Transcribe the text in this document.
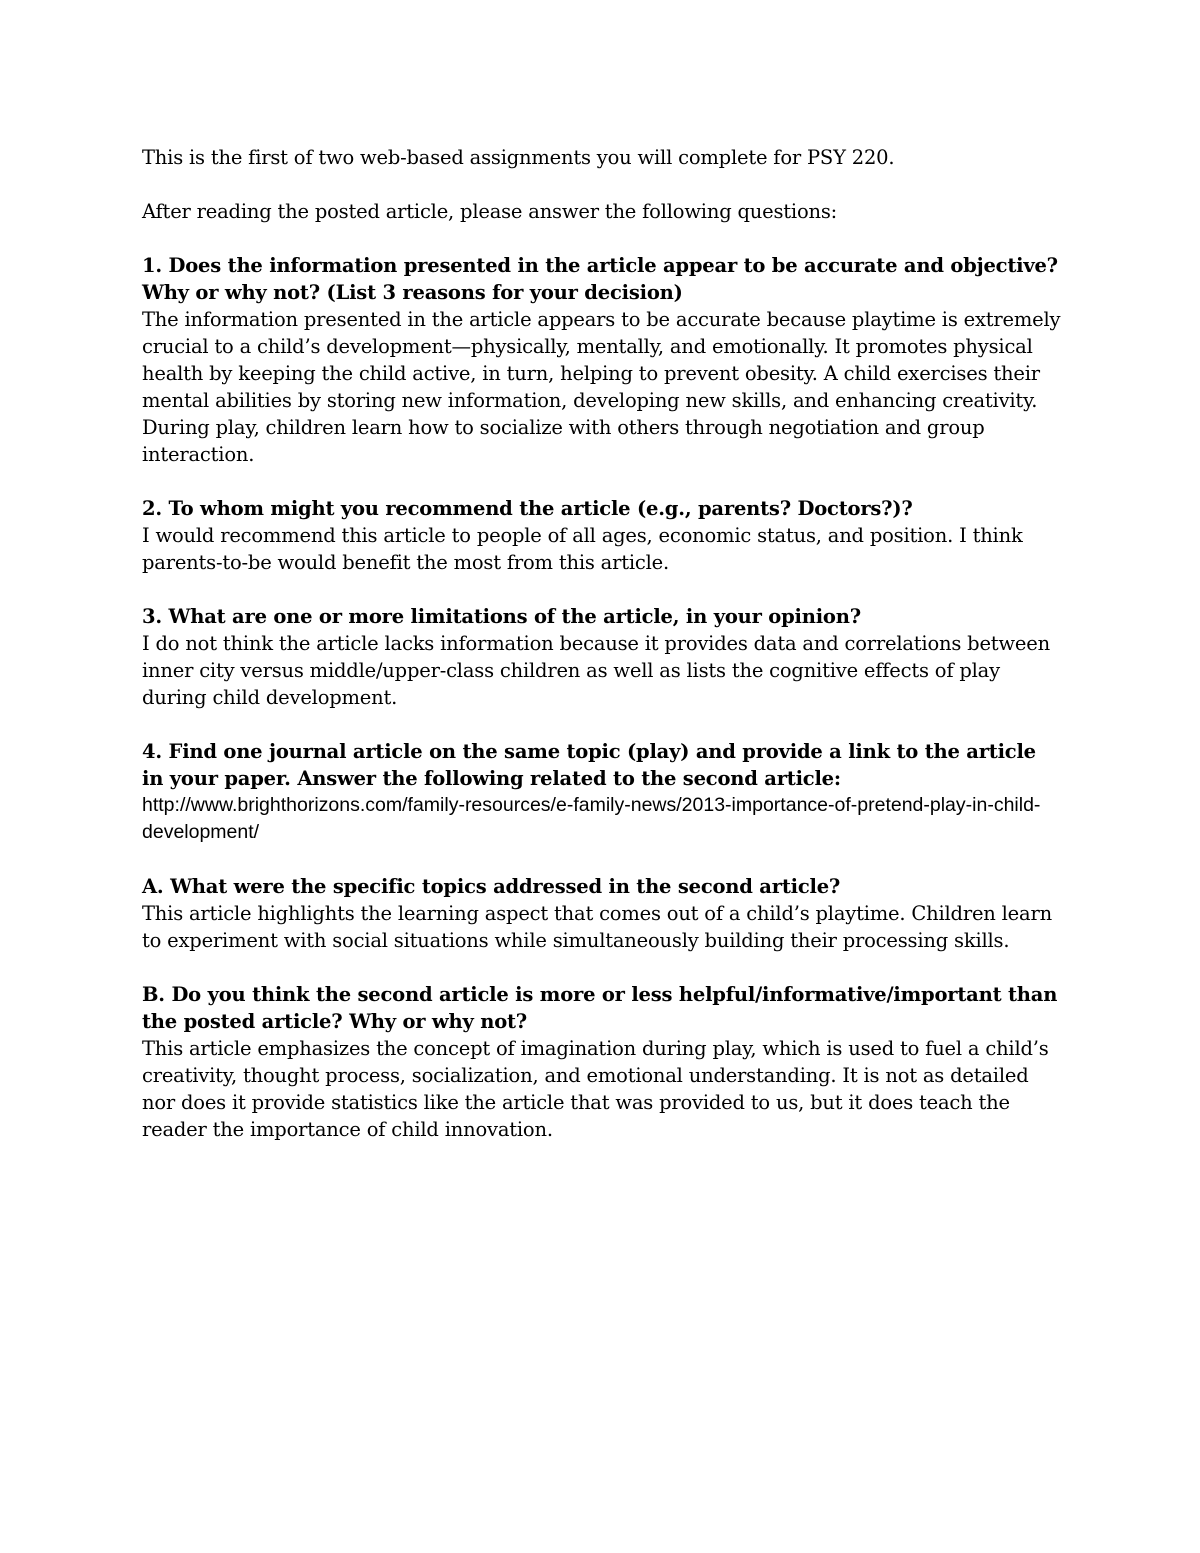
This is the first of two web-based assignments you will complete for PSY 220.

After reading the posted article, please answer the following questions:

1. Does the information presented in the article appear to be accurate and objective? Why or why not? (List 3 reasons for your decision)
The information presented in the article appears to be accurate because playtime is extremely crucial to a child’s development—physically, mentally, and emotionally. It promotes physical health by keeping the child active, in turn, helping to prevent obesity. A child exercises their mental abilities by storing new information, developing new skills, and enhancing creativity. During play, children learn how to socialize with others through negotiation and group interaction.
2. To whom might you recommend the article (e.g., parents? Doctors?)?
I would recommend this article to people of all ages, economic status, and position. I think parents-to-be would benefit the most from this article.
3. What are one or more limitations of the article, in your opinion?
I do not think the article lacks information because it provides data and correlations between inner city versus middle/upper-class children as well as lists the cognitive effects of play during child development.
4. Find one journal article on the same topic (play) and provide a link to the article in your paper. Answer the following related to the second article:
http://www.brighthorizons.com/family-resources/e-family-news/2013-importance-of-pretend-play-in-child-development/
A. What were the specific topics addressed in the second article?
This article highlights the learning aspect that comes out of a child’s playtime. Children learn to experiment with social situations while simultaneously building their processing skills.
B. Do you think the second article is more or less helpful/informative/important than the posted article? Why or why not?
This article emphasizes the concept of imagination during play, which is used to fuel a child’s creativity, thought process, socialization, and emotional understanding. It is not as detailed nor does it provide statistics like the article that was provided to us, but it does teach the reader the importance of child innovation.
